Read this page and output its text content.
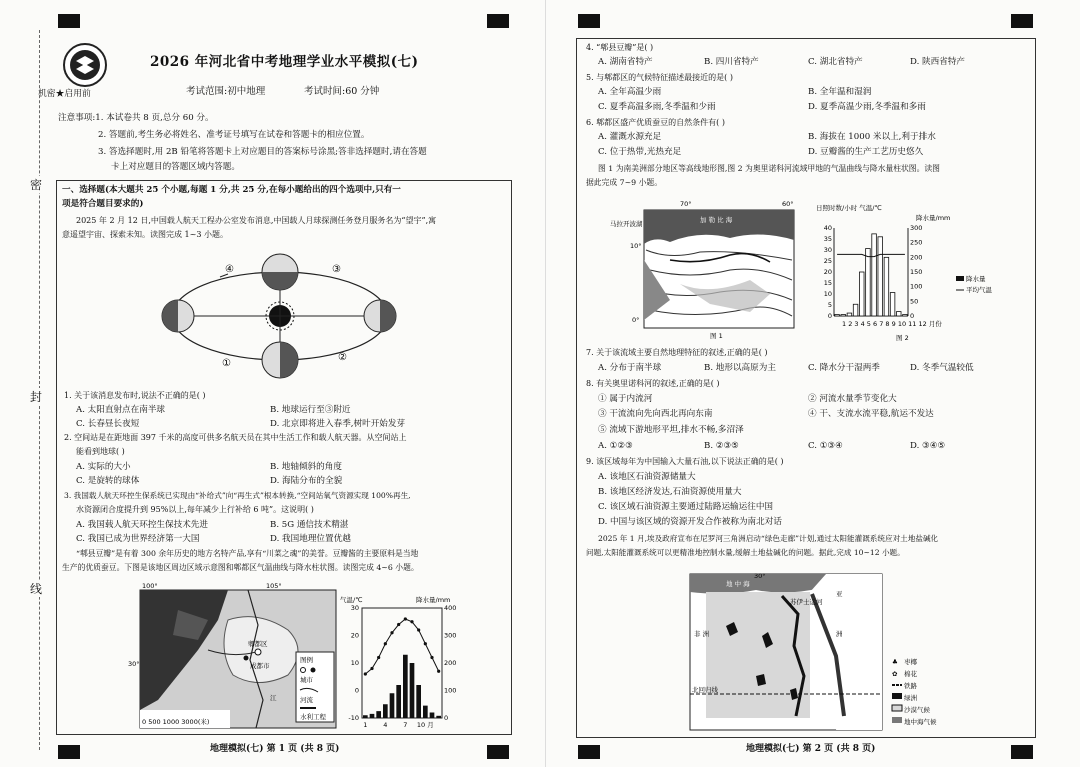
机密★启用前
2026 年河北省中考地理学业水平模拟(七)
考试范围:初中地理	考试时间:60 分钟
注意事项:1. 本试卷共 8 页,总分 60 分。
2. 答题前,考生务必将姓名、准考证号填写在试卷和答题卡的相应位置。
3. 答选择题时,用 2B 铅笔将答题卡上对应题目的答案标号涂黑;答非选择题时,请在答题
卡上对应题目的答题区域内答题。
密
封
线
一、选择题(本大题共 25 个小题,每题 1 分,共 25 分,在每小题给出的四个选项中,只有一
项是符合题目要求的)
2025 年 2 月 12 日,中国载人航天工程办公室发布消息,中国载人月球探测任务登月服务名为“望宇”,寓
意遥望宇宙、探索未知。读图完成 1~3 小题。
④	③
①
②
1. 关于该消息发布时,说法不正确的是( )
A. 太阳直射点在南半球	B. 地球运行至③附近
C. 长春昼长夜短	D. 北京即将进入春季,树叶开始发芽
2. 空间站是在距地面 397 千米的高度可供多名航天员在其中生活工作和载人航天器。从空间站上
能看到地球( )
A. 实际的大小	B. 地轴倾斜的角度
C. 是旋转的球体	D. 海陆分布的全貌
3. 我国载人航天环控生保系统已实现由“补给式”向“再生式”根本转换,“空间站氧气资源实现 100%再生,
水资源闭合度提升到 95%以上,每年减少上行补给 6 吨”。这说明( )
A. 我国载人航天环控生保技术先进	B. 5G 通信技术精湛
C. 我国已成为世界经济第一大国	D. 我国地理位置优越
“郫县豆瓣”是有着 300 余年历史的地方名特产品,享有“川菜之魂”的美誉。豆瓣酱的主要原料是当地
生产的优质蚕豆。下图是该地区周边区域示意图和郫都区气温曲线与降水柱状图。读图完成 4~6 小题。
100°	105°
30°
郫都区
成都市
江
0 500 1000 3000(米)
图例
城市
河流
水利工程
气温/℃	降水量/mm
-10
0
10
20
30
0
100
200
300
400
1 4 7 10 月
地理模拟(七) 第 1 页 (共 8 页)
4. “郫县豆瓣”是( )
A. 湖南省特产	B. 四川省特产	C. 湖北省特产	D. 陕西省特产
5. 与郫都区的气候特征描述最接近的是( )
A. 全年高温少雨	B. 全年温和湿润
C. 夏季高温多雨,冬季温和少雨	D. 夏季高温少雨,冬季温和多雨
6. 郫都区盛产优质蚕豆的自然条件有( )
A. 灌溉水源充足	B. 海拔在 1000 米以上,利于排水
C. 位于热带,光热充足	D. 豆瓣酱的生产工艺历史悠久
图 1 为南美洲部分地区等高线地形图,图 2 为奥里诺科河流域甲地的气温曲线与降水量柱状图。读图
据此完成 7~9 小题。
70°	60°
10°
0°
加 勒 比 海
马拉开波湖
图 1
日照时数/小时 气温/℃
降水量/mm
1 2 3 4 5 6 7 8 9 10 11 12 月份
图 2
0
5
10
15
20
25
30
35
40
0
50
100
150
200
250
300
降水量
平均气温
7. 关于该流域主要自然地理特征的叙述,正确的是( )
A. 分布于南半球	B. 地形以高原为主	C. 降水分干湿两季	D. 冬季气温较低
8. 有关奥里诺科河的叙述,正确的是( )
① 属于内流河	② 河流水量季节变化大
③ 干流流向先向西北再向东南	④ 干、支流水流平稳,航运不发达
⑤ 流域下游地形平坦,排水不畅,多沼泽
A. ①②③	B. ②③⑤	C. ①③④	D. ③④⑤
9. 该区域每年为中国输入大量石油,以下说法正确的是( )
A. 该地区石油资源储量大
B. 该地区经济发达,石油资源使用量大
C. 该区域石油资源主要通过陆路运输运往中国
D. 中国与该区域的资源开发合作被称为南北对话
2025 年 1 月,埃及政府宣布在尼罗河三角洲启动“绿色走廊”计划,通过太阳能灌溉系统应对土地盐碱化
问题,太阳能灌溉系统可以更精准地控制水量,缓解土地盐碱化的问题。据此,完成 10~12 小题。
30°
地 中 海
苏伊士运河
非 洲
亚
洲
北回归线
♣ 枣椰
✿ 棉花
铁路
绿洲
沙漠气候
地中海气候
地理模拟(七) 第 2 页 (共 8 页)
